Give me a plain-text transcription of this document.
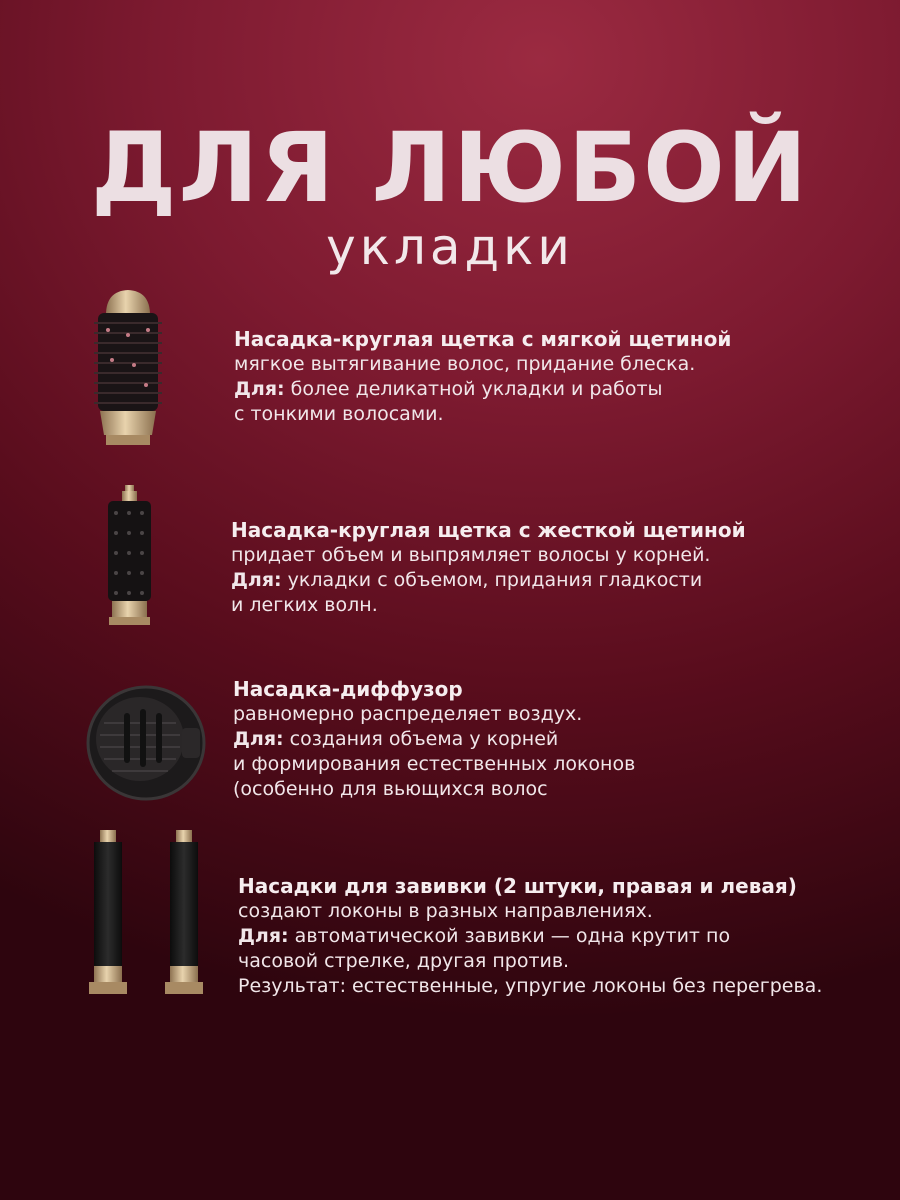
ДЛЯ ЛЮБОЙ
укладки
Насадка-круглая щетка с мягкой щетиной
мягкое вытягивание волос, придание блеска.
Для: более деликатной укладки и работы
с тонкими волосами.
Насадка-круглая щетка с жесткой щетиной
придает объем и выпрямляет волосы у корней.
Для: укладки с объемом, придания гладкости
и легких волн.
Насадка-диффузор
равномерно распределяет воздух.
Для: создания объема у корней
и формирования естественных локонов
(особенно для вьющихся волос
Насадки для завивки (2 штуки, правая и левая)
создают локоны в разных направлениях.
Для: автоматической завивки — одна крутит по
часовой стрелке, другая против.
Результат: естественные, упругие локоны без перегрева.
